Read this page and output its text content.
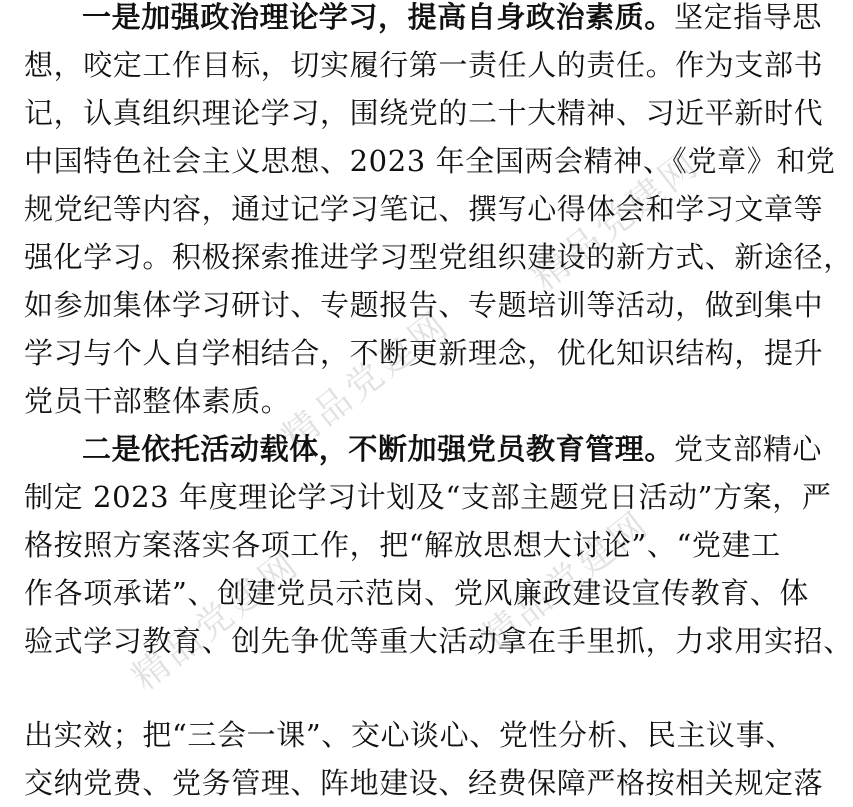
精品党建网
精品党建网
精品党建网	精品党建网
一是加强政治理论学习，提高自身政治素质。坚定指导思
想，咬定工作目标，切实履行第一责任人的责任。作为支部书
记，认真组织理论学习，围绕党的二十大精神、习近平新时代
中国特色社会主义思想、2023 年全国两会精神、《党章》和党
规党纪等内容，通过记学习笔记、撰写心得体会和学习文章等
强化学习。积极探索推进学习型党组织建设的新方式、新途径，
如参加集体学习研讨、专题报告、专题培训等活动，做到集中
学习与个人自学相结合，不断更新理念，优化知识结构，提升
党员干部整体素质。
二是依托活动载体，不断加强党员教育管理。党支部精心
制定 2023 年度理论学习计划及“支部主题党日活动”方案，严
格按照方案落实各项工作，把“解放思想大讨论”、“党建工
作各项承诺”、创建党员示范岗、党风廉政建设宣传教育、体
验式学习教育、创先争优等重大活动拿在手里抓，力求用实招、
出实效；把“三会一课”、交心谈心、党性分析、民主议事、
交纳党费、党务管理、阵地建设、经费保障严格按相关规定落
